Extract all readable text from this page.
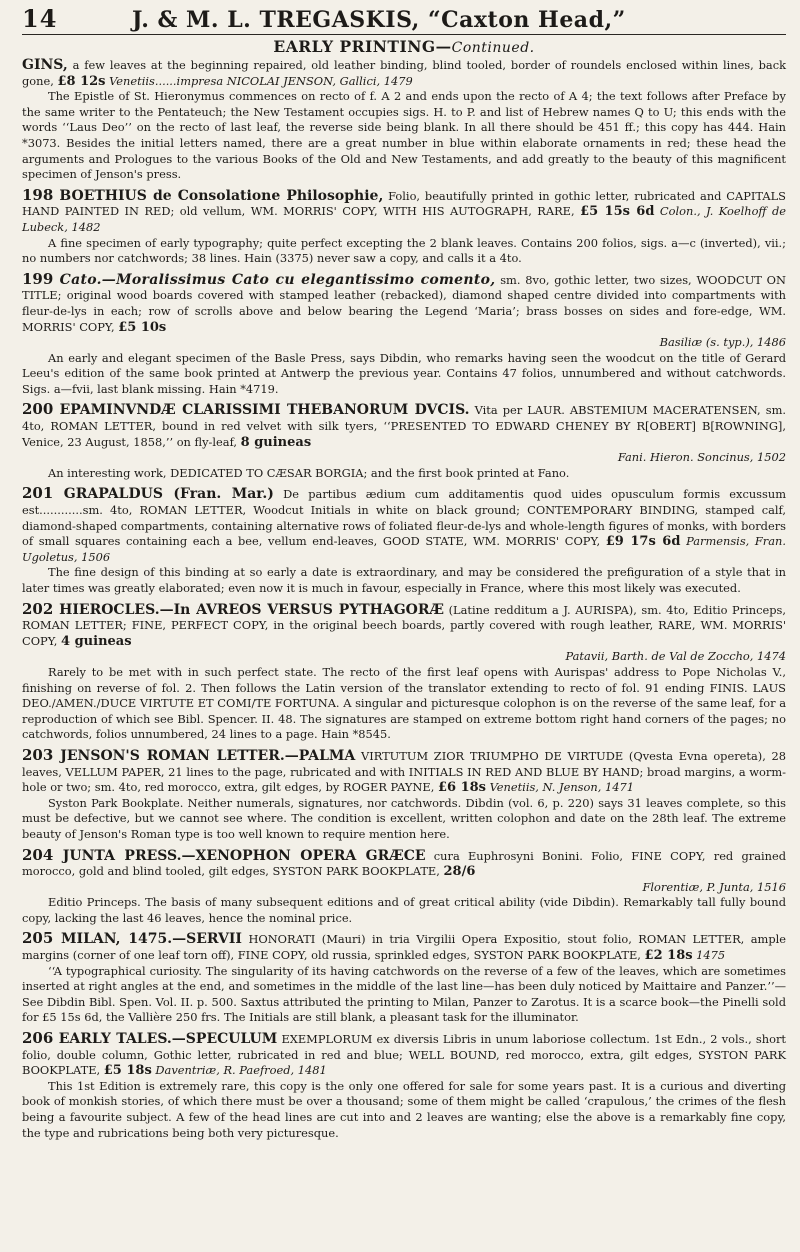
14	J. & M. L. TREGASKIS, “Caxton Head,”
EARLY PRINTING—Continued.

GINS, a few leaves at the beginning repaired, old leather binding, blind tooled, border of roundels enclosed within lines, back gone, £8 12s Venetiis......impresa NICOLAI JENSON, Gallici, 1479

The Epistle of St. Hieronymus commences on recto of f. A 2 and ends upon the recto of A 4; the text follows after Preface by the same writer to the Pentateuch; the New Testament occupies sigs. H. to P. and list of Hebrew names Q to U; this ends with the words ‘‘Laus Deo’’ on the recto of last leaf, the reverse side being blank. In all there should be 451 ff.; this copy has 444. Hain *3073. Besides the initial letters named, there are a great number in blue within elaborate ornaments in red; these head the arguments and Prologues to the various Books of the Old and New Testaments, and add greatly to the beauty of this magnificent specimen of Jenson's press.

198 BOETHIUS de Consolatione Philosophie, Folio, beautifully printed in gothic letter, rubricated and CAPITALS HAND PAINTED IN RED; old vellum, WM. MORRIS' COPY, WITH HIS AUTOGRAPH, RARE, £5 15s 6d Colon., J. Koelhoff de Lubeck, 1482

A fine specimen of early typography; quite perfect excepting the 2 blank leaves. Contains 200 folios, sigs. a—c (inverted), vii.; no numbers nor catchwords; 38 lines. Hain (3375) never saw a copy, and calls it a 4to.

199 Cato.—Moralissimus Cato cu elegantissimo comento, sm. 8vo, gothic letter, two sizes, WOODCUT ON TITLE; original wood boards covered with stamped leather (rebacked), diamond shaped centre divided into compartments with fleur-de-lys in each; row of scrolls above and below bearing the Legend ‘Maria’; brass bosses on sides and fore-edge, WM. MORRIS' COPY, £5 10s
Basiliæ (s. typ.), 1486

An early and elegant specimen of the Basle Press, says Dibdin, who remarks having seen the woodcut on the title of Gerard Leeu's edition of the same book printed at Antwerp the previous year. Contains 47 folios, unnumbered and without catchwords. Sigs. a—fvii, last blank missing. Hain *4719.

200 EPAMINVNDÆ CLARISSIMI THEBANORUM DVCIS. Vita per LAUR. ABSTEMIUM MACERATENSEN, sm. 4to, ROMAN LETTER, bound in red velvet with silk tyers, ‘‘PRESENTED TO EDWARD CHENEY BY R[OBERT] B[ROWNING], Venice, 23 August, 1858,’’ on fly-leaf, 8 guineas
Fani. Hieron. Soncinus, 1502

An interesting work, DEDICATED TO CÆSAR BORGIA; and the first book printed at Fano.

201 GRAPALDUS (Fran. Mar.) De partibus ædium cum additamentis quod uides opusculum formis excussum est............sm. 4to, ROMAN LETTER, Woodcut Initials in white on black ground; CONTEMPORARY BINDING, stamped calf, diamond-shaped compartments, containing alternative rows of foliated fleur-de-lys and whole-length figures of monks, with borders of small squares containing each a bee, vellum end-leaves, GOOD STATE, WM. MORRIS' COPY, £9 17s 6d Parmensis, Fran. Ugoletus, 1506

The fine design of this binding at so early a date is extraordinary, and may be considered the prefiguration of a style that in later times was greatly elaborated; even now it is much in favour, especially in France, where this most likely was executed.

202 HIEROCLES.—In AVREOS VERSUS PYTHAGORÆ (Latine redditum a J. AURISPA), sm. 4to, Editio Princeps, ROMAN LETTER; FINE, PERFECT COPY, in the original beech boards, partly covered with rough leather, RARE, WM. MORRIS' COPY, 4 guineas
Patavii, Barth. de Val de Zoccho, 1474

Rarely to be met with in such perfect state. The recto of the first leaf opens with Aurispas' address to Pope Nicholas V., finishing on reverse of fol. 2. Then follows the Latin version of the translator extending to recto of fol. 91 ending FINIS. LAUS DEO./AMEN./DUCE VIRTUTE ET COMI/TE FORTUNA. A singular and picturesque colophon is on the reverse of the same leaf, for a reproduction of which see Bibl. Spencer. II. 48. The signatures are stamped on extreme bottom right hand corners of the pages; no catchwords, folios unnumbered, 24 lines to a page. Hain *8545.

203 JENSON'S ROMAN LETTER.—PALMA VIRTUTUM ZIOR TRIUMPHO DE VIRTUDE (Qvesta Evna opereta), 28 leaves, VELLUM PAPER, 21 lines to the page, rubricated and with INITIALS IN RED AND BLUE BY HAND; broad margins, a worm-hole or two; sm. 4to, red morocco, extra, gilt edges, by ROGER PAYNE, £6 18s Venetiis, N. Jenson, 1471

Syston Park Bookplate. Neither numerals, signatures, nor catchwords. Dibdin (vol. 6, p. 220) says 31 leaves complete, so this must be defective, but we cannot see where. The condition is excellent, written colophon and date on the 28th leaf. The extreme beauty of Jenson's Roman type is too well known to require mention here.

204 JUNTA PRESS.—XENOPHON OPERA GRÆCE cura Euphrosyni Bonini. Folio, FINE COPY, red grained morocco, gold and blind tooled, gilt edges, SYSTON PARK BOOKPLATE, 28/6
Florentiæ, P. Junta, 1516

Editio Princeps. The basis of many subsequent editions and of great critical ability (vide Dibdin). Remarkably tall fully bound copy, lacking the last 46 leaves, hence the nominal price.

205 MILAN, 1475.—SERVII HONORATI (Mauri) in tria Virgilii Opera Expositio, stout folio, ROMAN LETTER, ample margins (corner of one leaf torn off), FINE COPY, old russia, sprinkled edges, SYSTON PARK BOOKPLATE, £2 18s 1475

‘‘A typographical curiosity. The singularity of its having catchwords on the reverse of a few of the leaves, which are sometimes inserted at right angles at the end, and sometimes in the middle of the last line—has been duly noticed by Maittaire and Panzer.’’—See Dibdin Bibl. Spen. Vol. II. p. 500. Saxtus attributed the printing to Milan, Panzer to Zarotus. It is a scarce book—the Pinelli sold for £5 15s 6d, the Vallière 250 frs. The Initials are still blank, a pleasant task for the illuminator.

206 EARLY TALES.—SPECULUM EXEMPLORUM ex diversis Libris in unum laboriose collectum. 1st Edn., 2 vols., short folio, double column, Gothic letter, rubricated in red and blue; WELL BOUND, red morocco, extra, gilt edges, SYSTON PARK BOOKPLATE, £5 18s Daventriæ, R. Paefroed, 1481

This 1st Edition is extremely rare, this copy is the only one offered for sale for some years past. It is a curious and diverting book of monkish stories, of which there must be over a thousand; some of them might be called ‘crapulous,’ the crimes of the flesh being a favourite subject. A few of the head lines are cut into and 2 leaves are wanting; else the above is a remarkably fine copy, the type and rubrications being both very picturesque.
